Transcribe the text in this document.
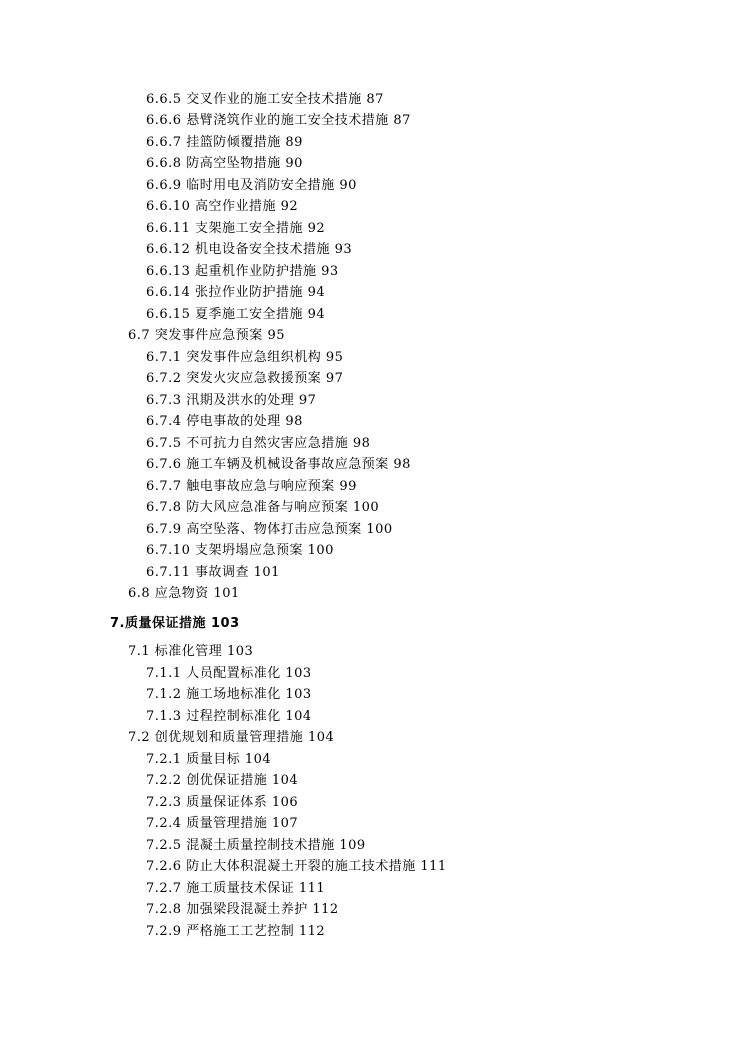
6.6.5 交叉作业的施工安全技术措施 87
6.6.6 悬臂浇筑作业的施工安全技术措施 87
6.6.7 挂篮防倾覆措施 89
6.6.8 防高空坠物措施 90
6.6.9 临时用电及消防安全措施 90
6.6.10 高空作业措施 92
6.6.11 支架施工安全措施 92
6.6.12 机电设备安全技术措施 93
6.6.13 起重机作业防护措施 93
6.6.14 张拉作业防护措施 94
6.6.15 夏季施工安全措施 94
6.7 突发事件应急预案 95
6.7.1 突发事件应急组织机构 95
6.7.2 突发火灾应急救援预案 97
6.7.3 汛期及洪水的处理 97
6.7.4 停电事故的处理 98
6.7.5 不可抗力自然灾害应急措施 98
6.7.6 施工车辆及机械设备事故应急预案 98
6.7.7 触电事故应急与响应预案 99
6.7.8 防大风应急准备与响应预案 100
6.7.9 高空坠落、物体打击应急预案 100
6.7.10 支架坍塌应急预案 100
6.7.11 事故调查 101
6.8 应急物资 101
7.质量保证措施 103
7.1 标准化管理 103
7.1.1 人员配置标准化 103
7.1.2 施工场地标准化 103
7.1.3 过程控制标准化 104
7.2 创优规划和质量管理措施 104
7.2.1 质量目标 104
7.2.2 创优保证措施 104
7.2.3 质量保证体系 106
7.2.4 质量管理措施 107
7.2.5 混凝土质量控制技术措施 109
7.2.6 防止大体积混凝土开裂的施工技术措施 111
7.2.7 施工质量技术保证 111
7.2.8 加强梁段混凝土养护 112
7.2.9 严格施工工艺控制 112
